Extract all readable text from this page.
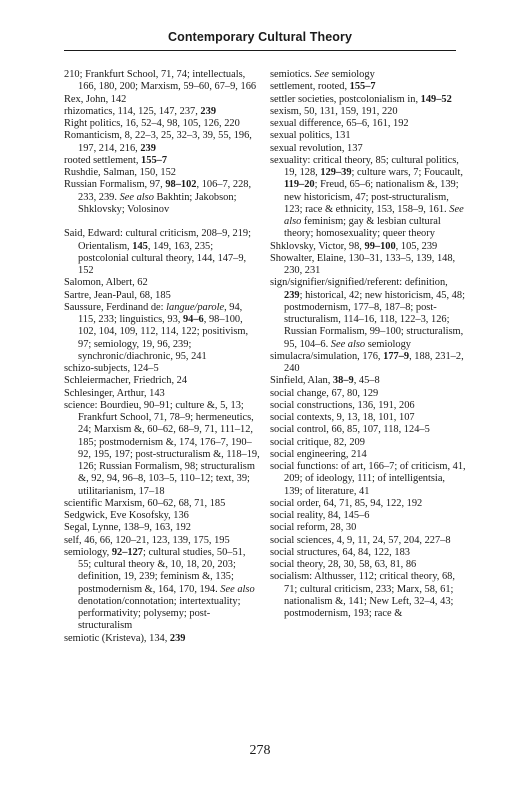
Contemporary Cultural Theory

210; Frankfurt School, 71, 74; intellectuals, 166, 180, 200; Marxism, 59–60, 67–9, 166

Rex, John, 142

rhizomatics, 114, 125, 147, 237, 239

Right politics, 16, 52–4, 98, 105, 126, 220

Romanticism, 8, 22–3, 25, 32–3, 39, 55, 196, 197, 214, 216, 239

rooted settlement, 155–7

Rushdie, Salman, 150, 152

Russian Formalism, 97, 98–102, 106–7, 228, 233, 239. See also Bakhtin; Jakobson; Shklovsky; Volosinov

Said, Edward: cultural criticism, 208–9, 219; Orientalism, 145, 149, 163, 235; postcolonial cultural theory, 144, 147–9, 152

Salomon, Albert, 62

Sartre, Jean-Paul, 68, 185

Saussure, Ferdinand de: langue/parole, 94, 115, 233; linguistics, 93, 94–6, 98–100, 102, 104, 109, 112, 114, 122; positivism, 97; semiology, 19, 96, 239; synchronic/diachronic, 95, 241

schizo-subjects, 124–5

Schleiermacher, Friedrich, 24

Schlesinger, Arthur, 143

science: Bourdieu, 90–91; culture &, 5, 13; Frankfurt School, 71, 78–9; hermeneutics, 24; Marxism &, 60–62, 68–9, 71, 111–12, 185; postmodernism &, 174, 176–7, 190–92, 195, 197; post-structuralism &, 118–19, 126; Russian Formalism, 98; structuralism &, 92, 94, 96–8, 103–5, 110–12; text, 39; utilitarianism, 17–18

scientific Marxism, 60–62, 68, 71, 185

Sedgwick, Eve Kosofsky, 136

Segal, Lynne, 138–9, 163, 192

self, 46, 66, 120–21, 123, 139, 175, 195

semiology, 92–127; cultural studies, 50–51, 55; cultural theory &, 10, 18, 20, 203; definition, 19, 239; feminism &, 135; postmodernism &, 164, 170, 194. See also denotation/connotation; intertextuality; performativity; polysemy; post-structuralism

semiotic (Kristeva), 134, 239

semiotics. See semiology

settlement, rooted, 155–7

settler societies, postcolonialism in, 149–52

sexism, 50, 131, 159, 191, 220

sexual difference, 65–6, 161, 192

sexual politics, 131

sexual revolution, 137

sexuality: critical theory, 85; cultural politics, 19, 128, 129–39; culture wars, 7; Foucault, 119–20; Freud, 65–6; nationalism &, 139; new historicism, 47; post-structuralism, 123; race & ethnicity, 153, 158–9, 161. See also feminism; gay & lesbian cultural theory; homosexuality; queer theory

Shklovsky, Victor, 98, 99–100, 105, 239

Showalter, Elaine, 130–31, 133–5, 139, 148, 230, 231

sign/signifier/signified/referent: definition, 239; historical, 42; new historicism, 45, 48; postmodernism, 177–8, 187–8; post-structuralism, 114–16, 118, 122–3, 126; Russian Formalism, 99–100; structuralism, 95, 104–6. See also semiology

simulacra/simulation, 176, 177–9, 188, 231–2, 240

Sinfield, Alan, 38–9, 45–8

social change, 67, 80, 129

social constructions, 136, 191, 206

social contexts, 9, 13, 18, 101, 107

social control, 66, 85, 107, 118, 124–5

social critique, 82, 209

social engineering, 214

social functions: of art, 166–7; of criticism, 41, 209; of ideology, 111; of intelligentsia, 139; of literature, 41

social order, 64, 71, 85, 94, 122, 192

social reality, 84, 145–6

social reform, 28, 30

social sciences, 4, 9, 11, 24, 57, 204, 227–8

social structures, 64, 84, 122, 183

social theory, 28, 30, 58, 63, 81, 86

socialism: Althusser, 112; critical theory, 68, 71; cultural criticism, 233; Marx, 58, 61; nationalism &, 141; New Left, 32–4, 43; postmodernism, 193; race &

278
